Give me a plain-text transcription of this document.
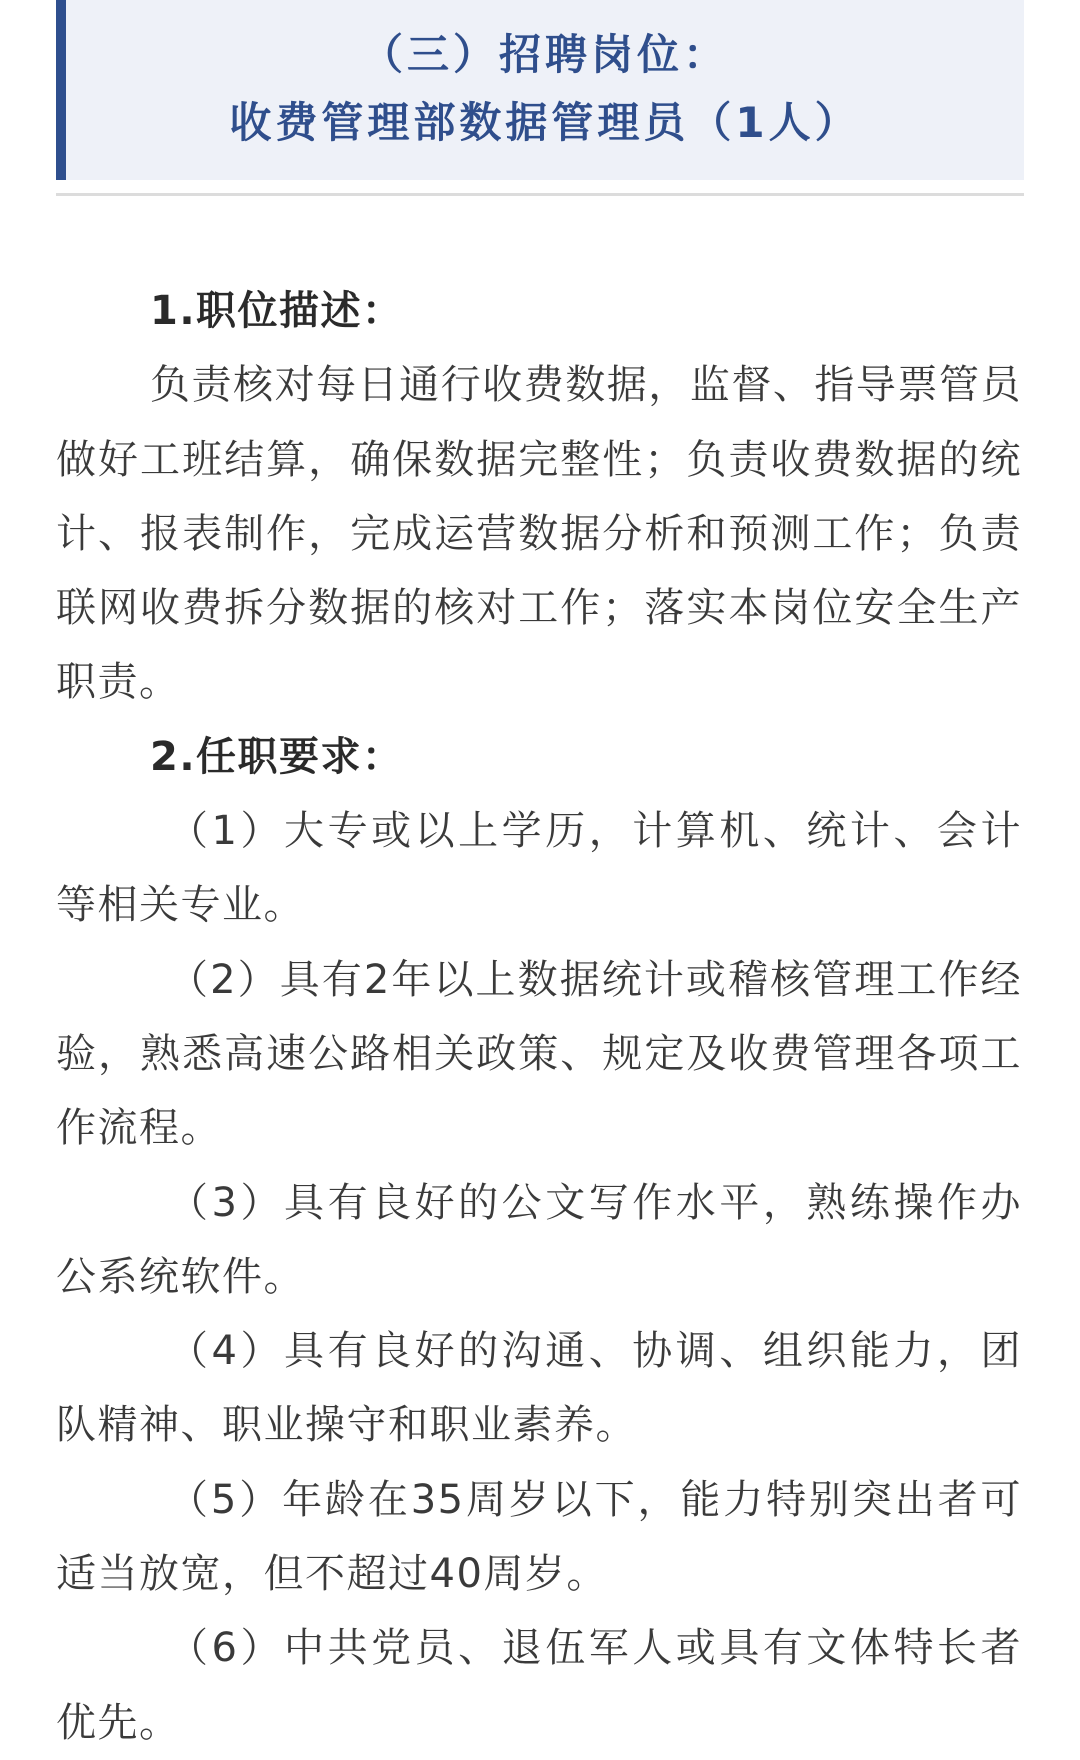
（三）招聘岗位：
收费管理部数据管理员（1人）

1.职位描述：

负责核对每日通行收费数据，监督、指导票管员做好工班结算，确保数据完整性；负责收费数据的统计、报表制作，完成运营数据分析和预测工作；负责联网收费拆分数据的核对工作；落实本岗位安全生产职责。

2.任职要求：

（1）大专或以上学历，计算机、统计、会计等相关专业。

（2）具有2年以上数据统计或稽核管理工作经验，熟悉高速公路相关政策、规定及收费管理各项工作流程。

（3）具有良好的公文写作水平，熟练操作办公系统软件。

（4）具有良好的沟通、协调、组织能力，团队精神、职业操守和职业素养。

（5）年龄在35周岁以下，能力特别突出者可适当放宽，但不超过40周岁。

（6）中共党员、退伍军人或具有文体特长者优先。
